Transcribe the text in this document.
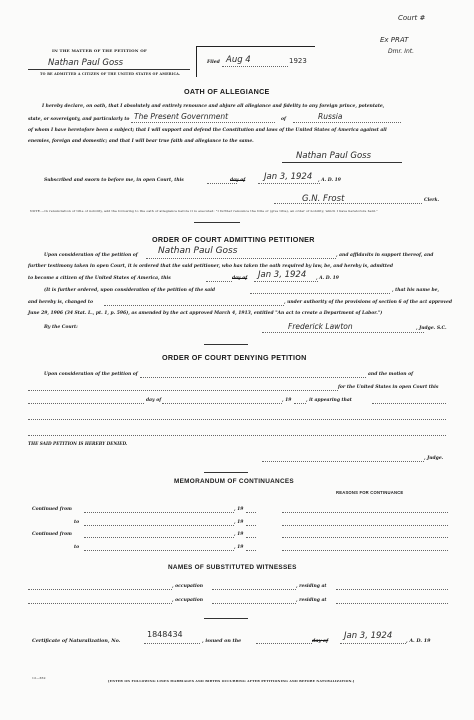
Court #
Ex PRAT
Dmr. Int.
IN THE MATTER OF THE PETITION OF
Nathan Paul Goss
TO BE ADMITTED A CITIZEN OF THE UNITED STATES OF AMERICA.
Filed Aug 4	1923
OATH OF ALLEGIANCE
I hereby declare, on oath, that I absolutely and entirely renounce and abjure all allegiance and fidelity to any foreign prince, potentate,
state, or sovereignty, and particularly to The Present Government	of	Russia
of whom I have heretofore been a subject; that I will support and defend the Constitution and laws of the United States of America against all
enemies, foreign and domestic; and that I will bear true faith and allegiance to the same.
Nathan Paul Goss
Subscribed and sworn to before me, in open Court, this	day of Jan 3, 1924 , A. D. 19
G.N. Frost	Clerk.
NOTE.—In renunciation of title of nobility, add the following to the oath of allegiance before it is executed: "I further renounce the title of (give title), an order of nobility, which I have heretofore held."
ORDER OF COURT ADMITTING PETITIONER
Upon consideration of the petition of Nathan Paul Goss	, and affidavits in support thereof, and
further testimony taken in open Court, it is ordered that the said petitioner, who has taken the oath required by law, be, and hereby is, admitted
to become a citizen of the United States of America, this	day of Jan 3, 1924 , A. D. 19
(It is further ordered, upon consideration of the petition of the said	, that his name be,
and hereby is, changed to	, under authority of the provisions of section 6 of the act approved
June 29, 1906 (34 Stat. L., pt. 1, p. 596), as amended by the act approved March 4, 1913, entitled "An act to create a Department of Labor.")
By the Court:	Frederick Lawton	, Judge. S.C.
ORDER OF COURT DENYING PETITION
Upon consideration of the petition of	and the motion of
for the United States in open Court this
day of	, 19	, it appearing that
THE SAID PETITION IS HEREBY DENIED.
, Judge.
MEMORANDUM OF CONTINUANCES
REASONS FOR CONTINUANCE
Continued from	, 19
to	, 19
Continued from	, 19
to	, 19
NAMES OF SUBSTITUTED WITNESSES
, occupation	, residing at
, occupation	, residing at
Certificate of Naturalization, No.
1848434
, issued on the	day of Jan 3, 1924	, A. D. 19
12—362
[ENTER ON FOLLOWING LINES MARRIAGES AND BIRTHS OCCURRING AFTER PETITIONING AND BEFORE NATURALIZATION.]
